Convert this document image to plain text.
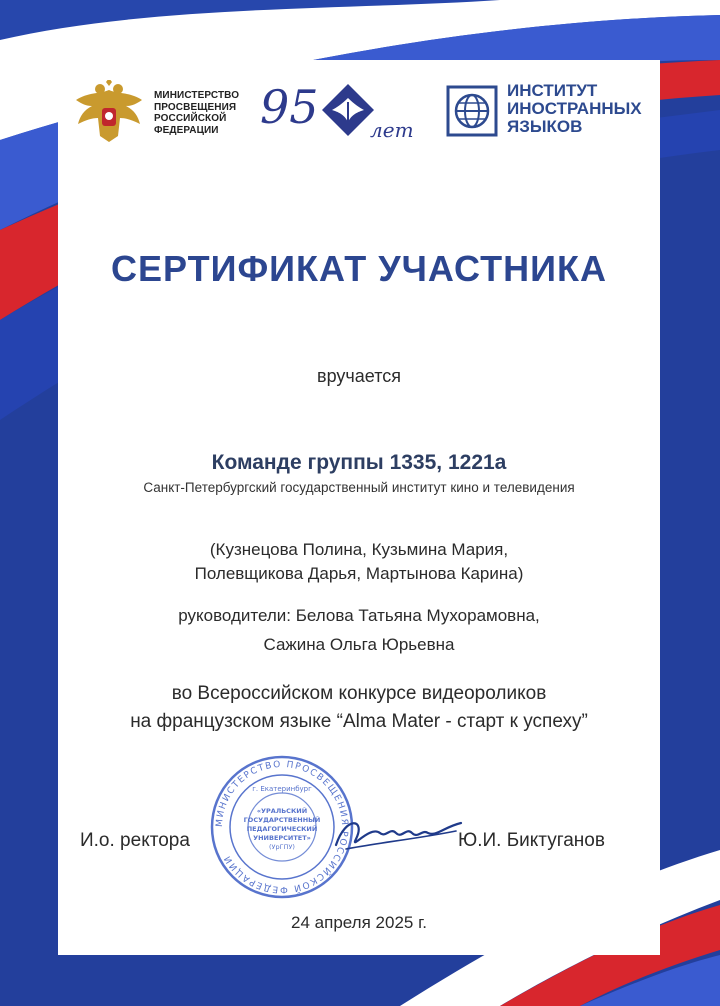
МИНИСТЕРСТВО ПРОСВЕЩЕНИЯ РОССИЙСКОЙ ФЕДЕРАЦИИ 95	лет
ИНСТИТУТ
ИНОСТРАННЫХ
ЯЗЫКОВ
СЕРТИФИКАТ УЧАСТНИКА
вручается
Команде группы 1335, 1221а
Санкт-Петербургский государственный институт кино и телевидения
(Кузнецова Полина, Кузьмина Мария,
Полевщикова Дарья, Мартынова Карина)
руководители: Белова Татьяна Мухорамовна,
Сажина Ольга Юрьевна
во Всероссийском конкурсе видеороликов
на французском языке “Alma Mater - старт к успеху”
И.о. ректора
МИНИСТЕРСТВО ПРОСВЕЩЕНИЯ РОССИЙСКОЙ ФЕДЕРАЦИИ
г. Екатеринбург
«УРАЛЬСКИЙ
ГОСУДАРСТВЕННЫЙ
ПЕДАГОГИЧЕСКИЙ
УНИВЕРСИТЕТ»
(УрГПУ)	Ю.И. Биктуганов
24 апреля 2025 г.
